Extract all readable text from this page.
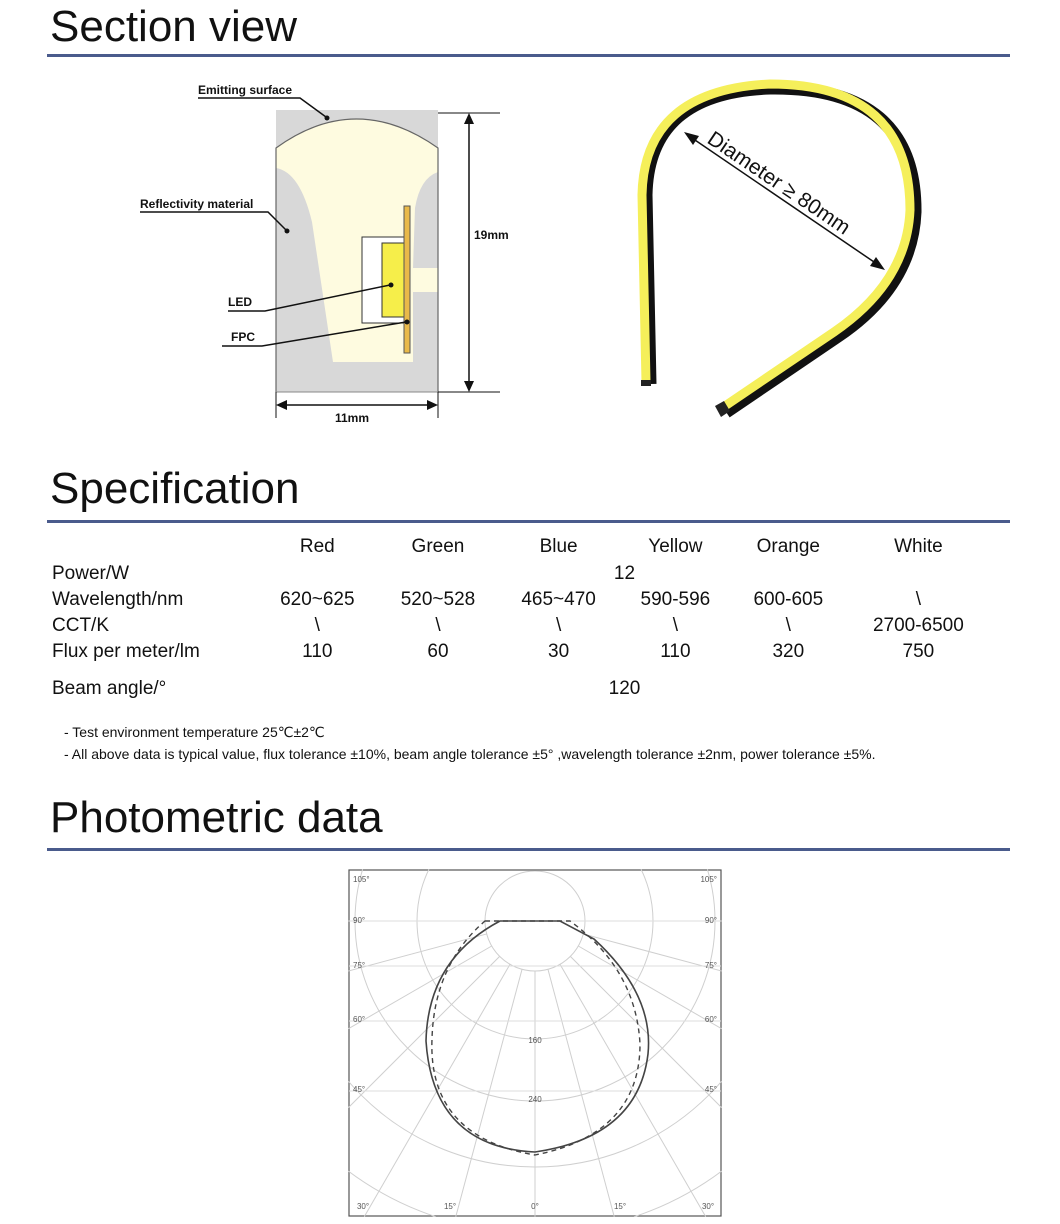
Section view
Emitting surface
Reflectivity material
LED
FPC
19mm
11mm
Diameter ≥ 80mm
Specification
	Red	Green	Blue	Yellow	Orange	White
Power/W	12					
Wavelength/nm	620~625	520~528	465~470	590-596	600-605	\
CCT/K	\	\	\	\	\	2700-6500
Flux per meter/lm	110	60	30	110	320	750
Beam angle/°	120					
- Test environment temperature 25℃±2℃
- All above data is typical value, flux tolerance ±10%, beam angle tolerance ±5° ,wavelength tolerance ±2nm, power tolerance ±5%.
Photometric data
105°
90°
75°
60°
45°
105°
90°
75°
60°
45°
30°	15°	0°	15°	30°
160
240
